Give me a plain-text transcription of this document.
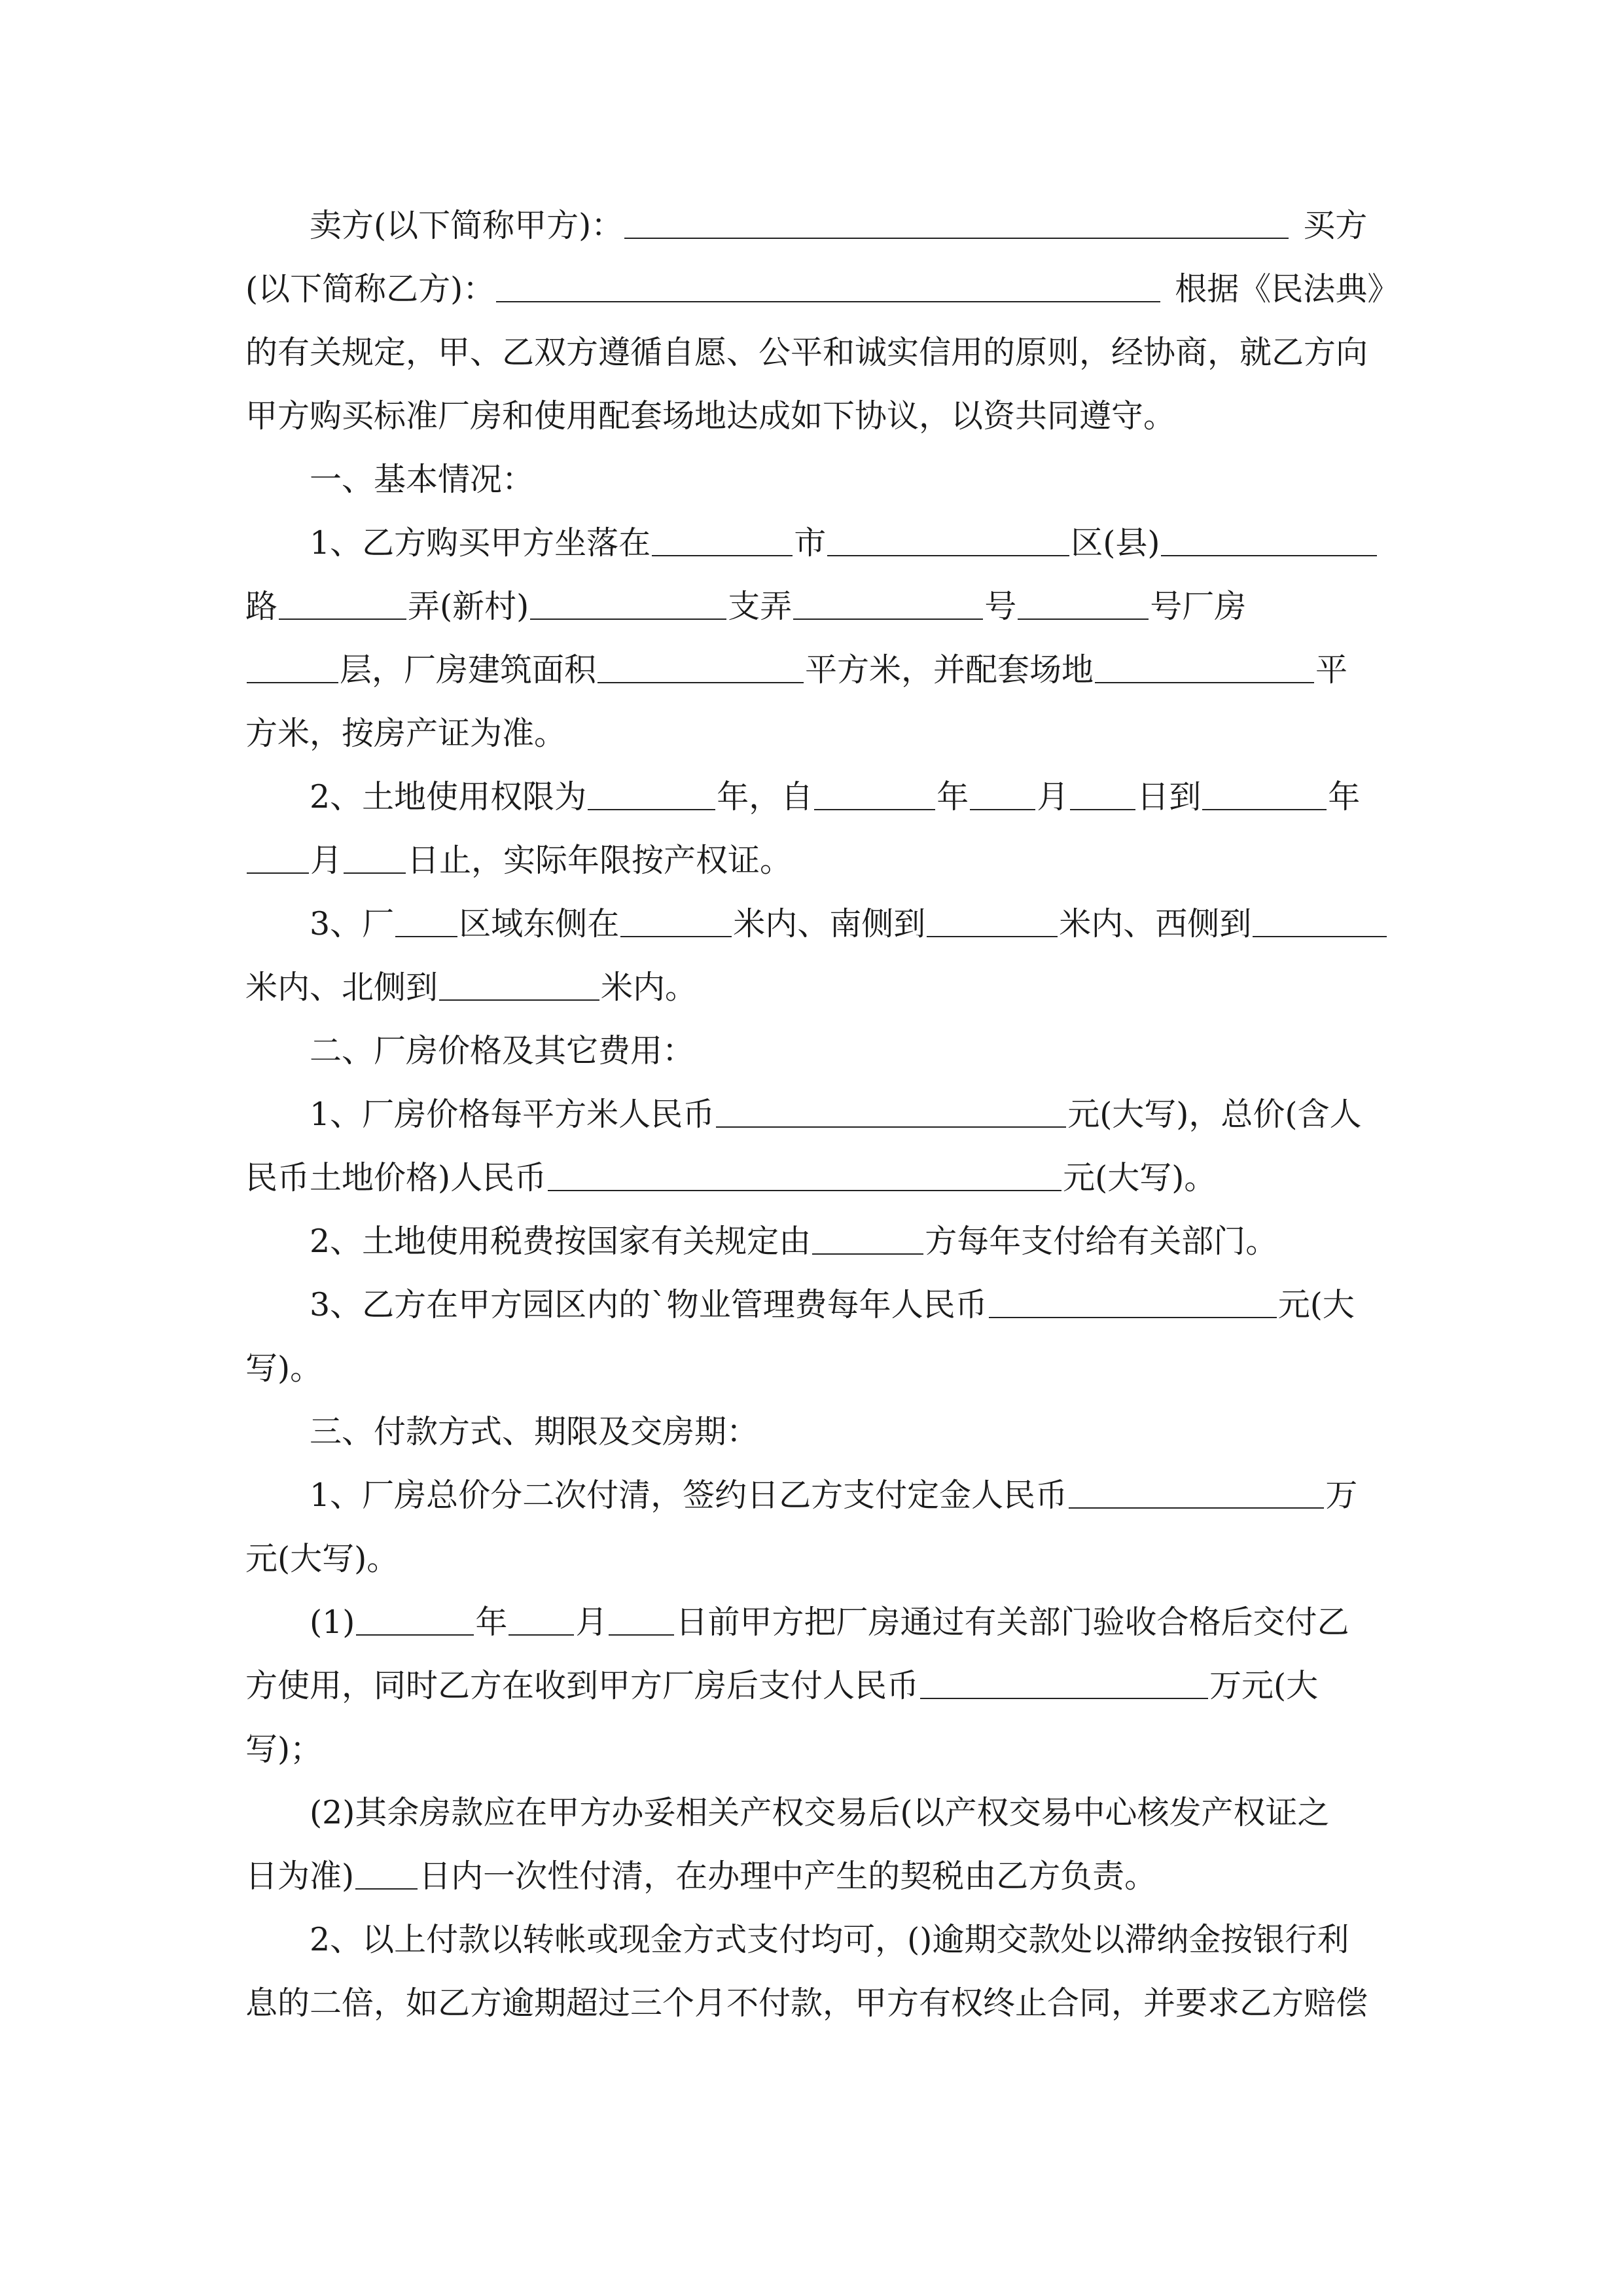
卖方(以下简称甲方)：	买方
(以下简称乙方)：	根据《民法典》
的有关规定，甲、乙双方遵循自愿、公平和诚实信用的原则，经协商，就乙方向
甲方购买标准厂房和使用配套场地达成如下协议，以资共同遵守。
一、基本情况：
1、乙方购买甲方坐落在	市	区(县)
路	弄(新村)	支弄	号	号厂房
层，厂房建筑面积	平方米，并配套场地	平
方米，按房产证为准。
2、土地使用权限为	年，自	年 月 日到	年
月 日止，实际年限按产权证。
3、厂 区域东侧在	米内、南侧到	米内、西侧到
米内、北侧到	米内。
二、厂房价格及其它费用：
1、厂房价格每平方米人民币	元(大写)，总价(含人
民币土地价格)人民币	元(大写)。
2、土地使用税费按国家有关规定由	方每年支付给有关部门。
3、乙方在甲方园区内的`物业管理费每年人民币	元(大
写)。
三、付款方式、期限及交房期：
1、厂房总价分二次付清，签约日乙方支付定金人民币	万
元(大写)。
(1)	年 月 日前甲方把厂房通过有关部门验收合格后交付乙
方使用，同时乙方在收到甲方厂房后支付人民币	万元(大
写)；
(2)其余房款应在甲方办妥相关产权交易后(以产权交易中心核发产权证之
日为准) 日内一次性付清，在办理中产生的契税由乙方负责。
2、以上付款以转帐或现金方式支付均可，()逾期交款处以滞纳金按银行利
息的二倍，如乙方逾期超过三个月不付款，甲方有权终止合同，并要求乙方赔偿
